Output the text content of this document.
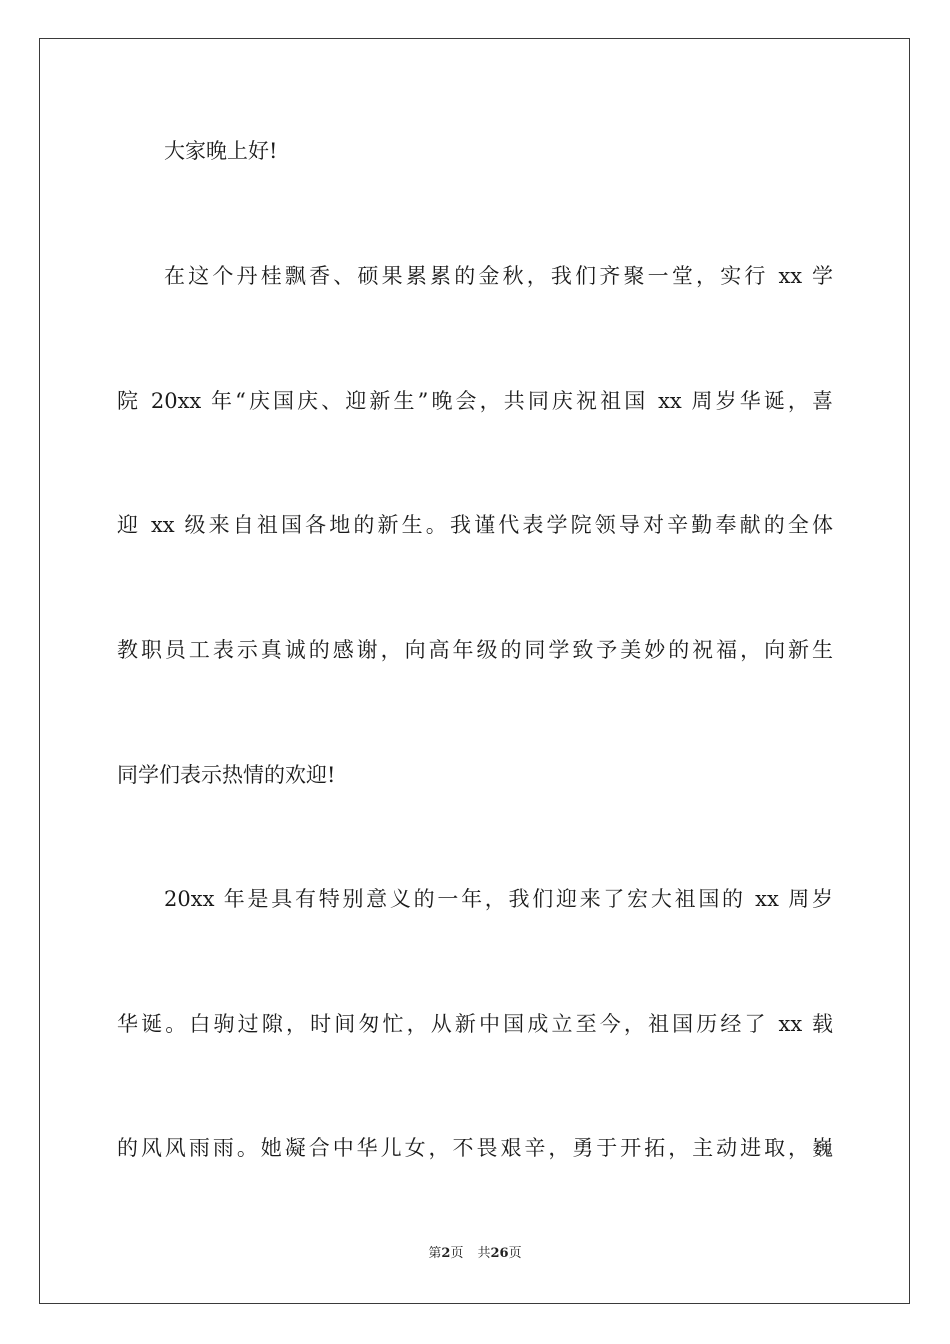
大家晚上好!
在这个丹桂飘香、硕果累累的金秋，我们齐聚一堂，实行 xx 学
院 20xx 年“庆国庆、迎新生”晚会，共同庆祝祖国 xx 周岁华诞，喜
迎 xx 级来自祖国各地的新生。我谨代表学院领导对辛勤奉献的全体
教职员工表示真诚的感谢，向高年级的同学致予美妙的祝福，向新生
同学们表示热情的欢迎!
20xx 年是具有特别意义的一年，我们迎来了宏大祖国的 xx 周岁
华诞。白驹过隙，时间匆忙，从新中国成立至今，祖国历经了 xx 载
的风风雨雨。她凝合中华儿女，不畏艰辛，勇于开拓，主动进取，巍
第2页 共26页
